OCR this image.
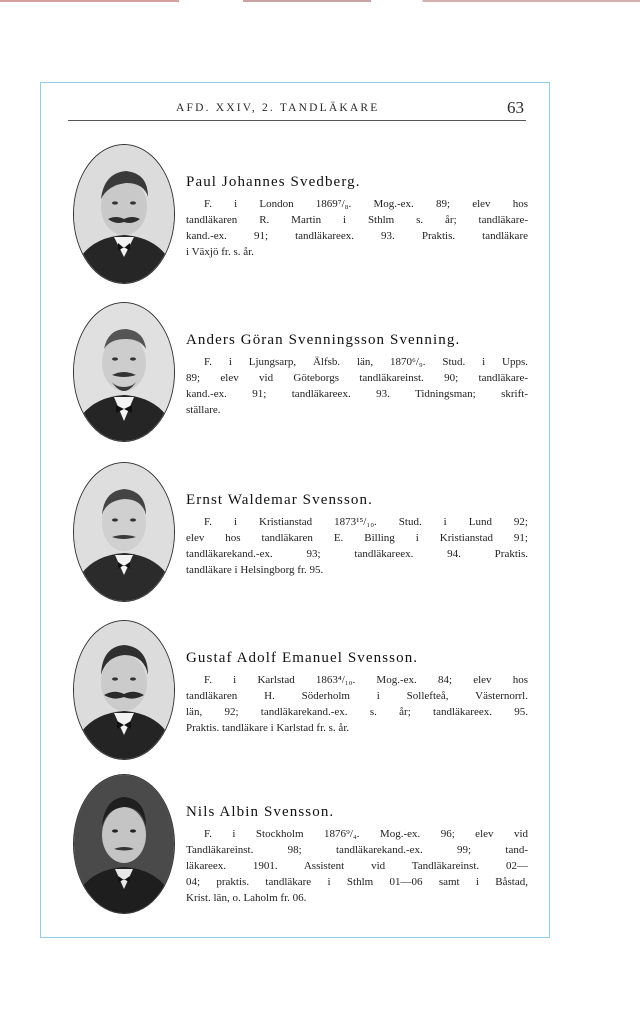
AFD. XXIV, 2. TANDLÄKARE	63
Paul Johannes Svedberg.
F. i London 1869⁷/₈. Mog.-ex. 89; elev hos
tandläkaren R. Martin i Sthlm s. år; tandläkare-
kand.-ex. 91; tandläkareex. 93. Praktis. tandläkare
i Växjö fr. s. år.
Anders Göran Svenningsson Svenning.
F. i Ljungsarp, Älfsb. län, 1870⁶/₉. Stud. i Upps.
89; elev vid Göteborgs tandläkareinst. 90; tandläkare-
kand.-ex. 91; tandläkareex. 93. Tidningsman; skrift-
ställare.
Ernst Waldemar Svensson.
F. i Kristianstad 1873¹⁵/₁₀. Stud. i Lund 92;
elev hos tandläkaren E. Billing i Kristianstad 91;
tandläkarekand.-ex. 93; tandläkareex. 94. Praktis.
tandläkare i Helsingborg fr. 95.
Gustaf Adolf Emanuel Svensson.
F. i Karlstad 1863⁴/₁₀. Mog.-ex. 84; elev hos
tandläkaren H. Söderholm i Sollefteå, Västernorrl.
län, 92; tandläkarekand.-ex. s. år; tandläkareex. 95.
Praktis. tandläkare i Karlstad fr. s. år.
Nils Albin Svensson.
F. i Stockholm 1876⁹/₄. Mog.-ex. 96; elev vid
Tandläkareinst. 98; tandläkarekand.-ex. 99; tand-
läkareex. 1901. Assistent vid Tandläkareinst. 02—
04; praktis. tandläkare i Sthlm 01—06 samt i Båstad,
Krist. län, o. Laholm fr. 06.
